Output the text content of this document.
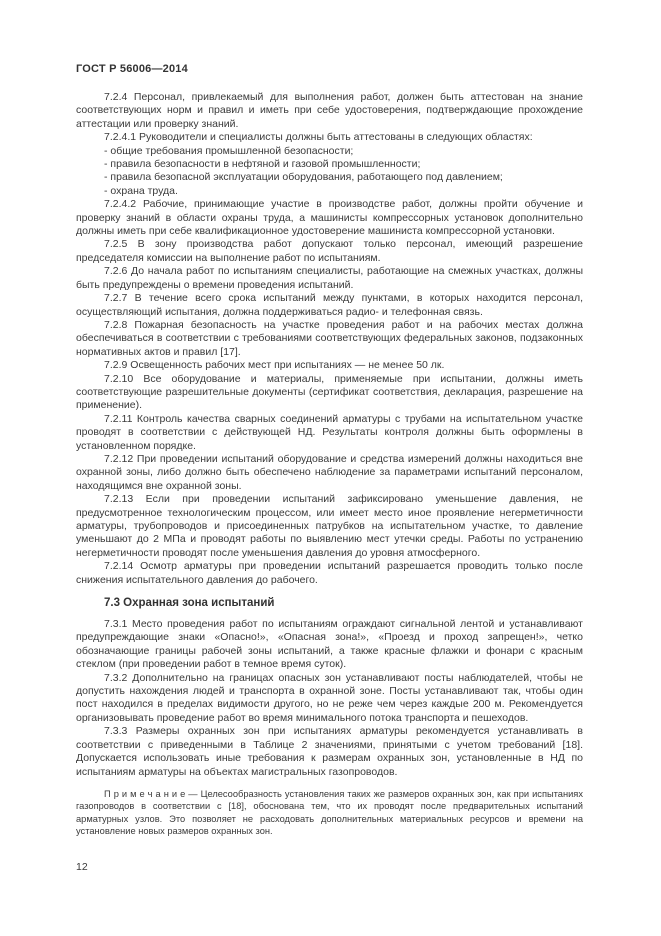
ГОСТ Р 56006—2014

7.2.4 Персонал, привлекаемый для выполнения работ, должен быть аттестован на знание соответствующих норм и правил и иметь при себе удостоверения, подтверждающие прохождение аттестации или проверку знаний.

7.2.4.1 Руководители и специалисты должны быть аттестованы в следующих областях:

- общие требования промышленной безопасности;

- правила безопасности в нефтяной и газовой промышленности;

- правила безопасной эксплуатации оборудования, работающего под давлением;

- охрана труда.

7.2.4.2 Рабочие, принимающие участие в производстве работ, должны пройти обучение и проверку знаний в области охраны труда, а машинисты компрессорных установок дополнительно должны иметь при себе квалификационное удостоверение машиниста компрессорной установки.

7.2.5 В зону производства работ допускают только персонал, имеющий разрешение председателя комиссии на выполнение работ по испытаниям.

7.2.6 До начала работ по испытаниям специалисты, работающие на смежных участках, должны быть предупреждены о времени проведения испытаний.

7.2.7 В течение всего срока испытаний между пунктами, в которых находится персонал, осуществляющий испытания, должна поддерживаться радио- и телефонная связь.

7.2.8 Пожарная безопасность на участке проведения работ и на рабочих местах должна обеспечиваться в соответствии с требованиями соответствующих федеральных законов, подзаконных нормативных актов и правил [17].

7.2.9 Освещенность рабочих мест при испытаниях — не менее 50 лк.

7.2.10 Все оборудование и материалы, применяемые при испытании, должны иметь соответствующие разрешительные документы (сертификат соответствия, декларация, разрешение на применение).

7.2.11 Контроль качества сварных соединений арматуры с трубами на испытательном участке проводят в соответствии с действующей НД. Результаты контроля должны быть оформлены в установленном порядке.

7.2.12 При проведении испытаний оборудование и средства измерений должны находиться вне охранной зоны, либо должно быть обеспечено наблюдение за параметрами испытаний персоналом, находящимся вне охранной зоны.

7.2.13 Если при проведении испытаний зафиксировано уменьшение давления, не предусмотренное технологическим процессом, или имеет место иное проявление негерметичности арматуры, трубопроводов и присоединенных патрубков на испытательном участке, то давление уменьшают до 2 МПа и проводят работы по выявлению мест утечки среды. Работы по устранению негерметичности проводят после уменьшения давления до уровня атмосферного.

7.2.14 Осмотр арматуры при проведении испытаний разрешается проводить только после снижения испытательного давления до рабочего.

7.3 Охранная зона испытаний

7.3.1 Место проведения работ по испытаниям ограждают сигнальной лентой и устанавливают предупреждающие знаки «Опасно!», «Опасная зона!», «Проезд и проход запрещен!», четко обозначающие границы рабочей зоны испытаний, а также красные флажки и фонари с красным стеклом (при проведении работ в темное время суток).

7.3.2 Дополнительно на границах опасных зон устанавливают посты наблюдателей, чтобы не допустить нахождения людей и транспорта в охранной зоне. Посты устанавливают так, чтобы один пост находился в пределах видимости другого, но не реже чем через каждые 200 м. Рекомендуется организовывать проведение работ во время минимального потока транспорта и пешеходов.

7.3.3 Размеры охранных зон при испытаниях арматуры рекомендуется устанавливать в соответствии с приведенными в Таблице 2 значениями, принятыми с учетом требований [18]. Допускается использовать иные требования к размерам охранных зон, установленные в НД по испытаниям арматуры на объектах магистральных газопроводов.

П р и м е ч а н и е — Целесообразность установления таких же размеров охранных зон, как при испытаниях газопроводов в соответствии с [18], обоснована тем, что их проводят после предварительных испытаний арматурных узлов. Это позволяет не расходовать дополнительных материальных ресурсов и времени на установление новых размеров охранных зон.

12
